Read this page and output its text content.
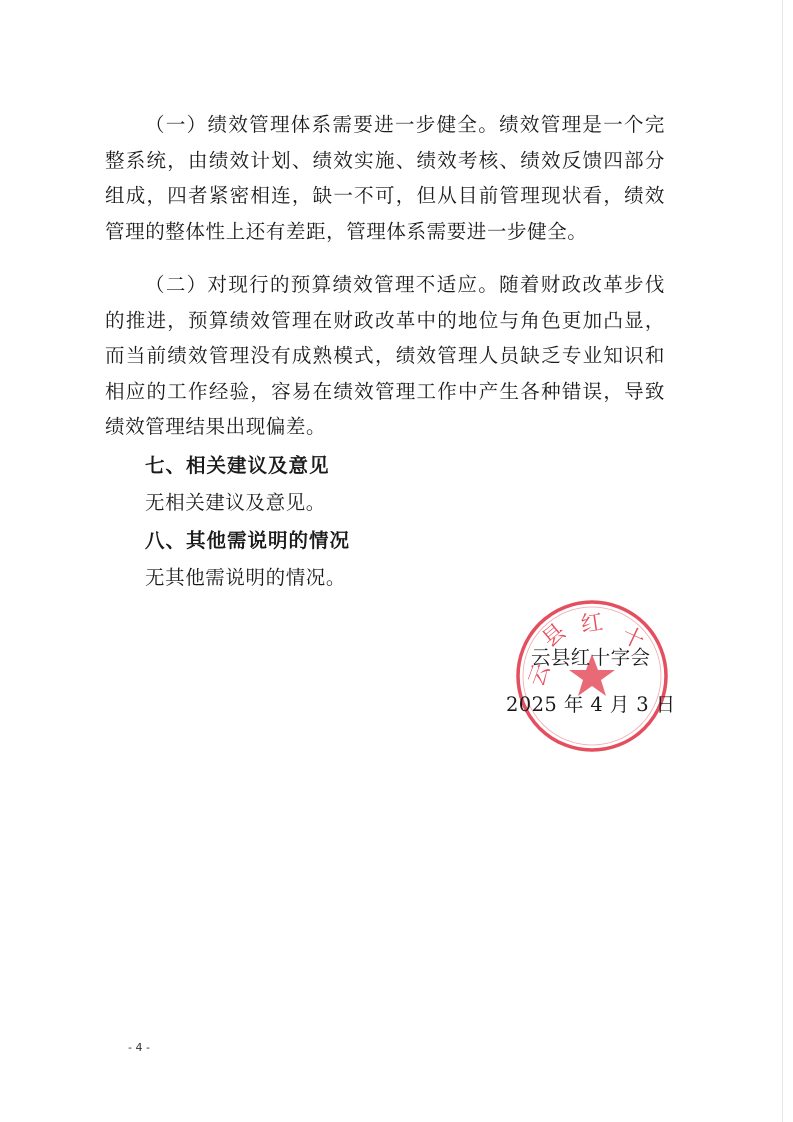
（一）绩效管理体系需要进一步健全。绩效管理是一个完整系统，由绩效计划、绩效实施、绩效考核、绩效反馈四部分组成，四者紧密相连，缺一不可，但从目前管理现状看，绩效管理的整体性上还有差距，管理体系需要进一步健全。

（二）对现行的预算绩效管理不适应。随着财政改革步伐的推进，预算绩效管理在财政改革中的地位与角色更加凸显，而当前绩效管理没有成熟模式，绩效管理人员缺乏专业知识和相应的工作经验，容易在绩效管理工作中产生各种错误，导致绩效管理结果出现偏差。

七、相关建议及意见

无相关建议及意见。

八、其他需说明的情况

无其他需说明的情况。

云
县 红 十
云县红十字会
2025 年 4 月 3 日
- 4 -
